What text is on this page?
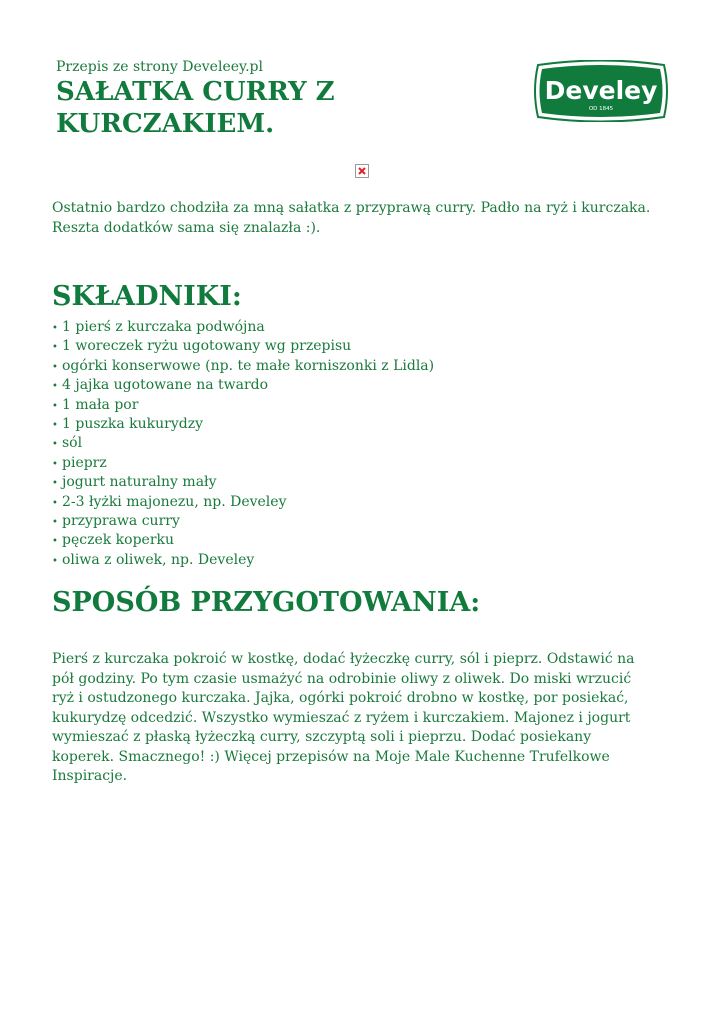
Przepis ze strony Develeey.pl
SAŁATKA CURRY Z KURCZAKIEM.
Develey
OD 1845

Ostatnio bardzo chodziła za mną sałatka z przyprawą curry. Padło na ryż i kurczaka. Reszta dodatków sama się znalazła :).

SKŁADNIKI:
• 1 pierś z kurczaka podwójna
• 1 woreczek ryżu ugotowany wg przepisu
• ogórki konserwowe (np. te małe korniszonki z Lidla)
• 4 jajka ugotowane na twardo
• 1 mała por
• 1 puszka kukurydzy
• sól
• pieprz
• jogurt naturalny mały
• 2-3 łyżki majonezu, np. Develey
• przyprawa curry
• pęczek koperku
• oliwa z oliwek, np. Develey
SPOSÓB PRZYGOTOWANIA:

Pierś z kurczaka pokroić w kostkę, dodać łyżeczkę curry, sól i pieprz. Odstawić na pół godziny. Po tym czasie usmażyć na odrobinie oliwy z oliwek. Do miski wrzucić ryż i ostudzonego kurczaka. Jajka, ogórki pokroić drobno w kostkę, por posiekać, kukurydzę odcedzić. Wszystko wymieszać z ryżem i kurczakiem. Majonez i jogurt wymieszać z płaską łyżeczką curry, szczyptą soli i pieprzu. Dodać posiekany koperek. Smacznego! :) Więcej przepisów na Moje Male Kuchenne Trufelkowe Inspiracje.
